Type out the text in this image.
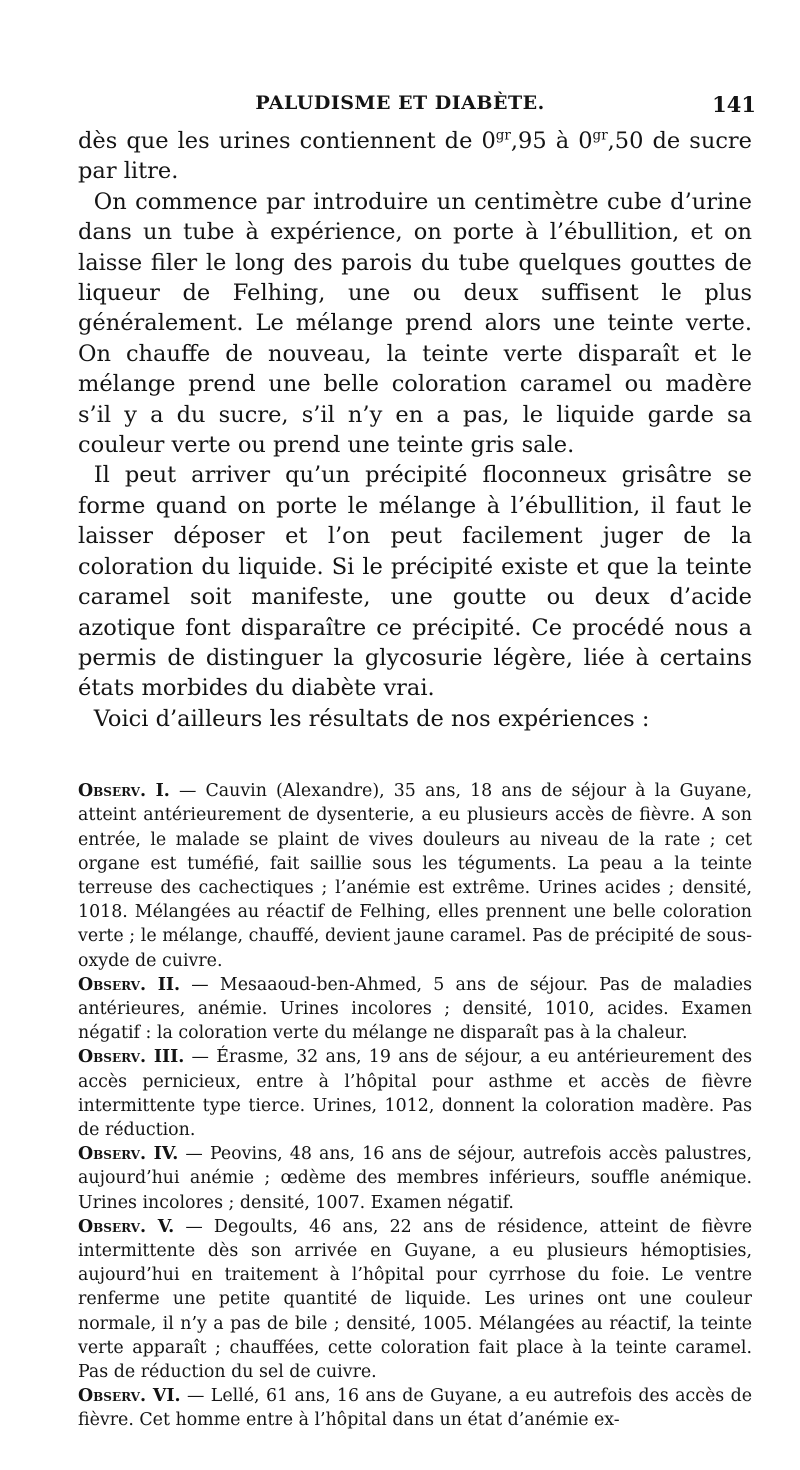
PALUDISME ET DIABÈTE.	141

dès que les urines contiennent de $0^{gr},95$ à $0^{gr},50$ de sucre par litre.

On commence par introduire un centimètre cube d’urine dans un tube à expérience, on porte à l’ébullition, et on laisse filer le long des parois du tube quelques gouttes de liqueur de Felhing, une ou deux suffisent le plus généralement. Le mélange prend alors une teinte verte. On chauffe de nouveau, la teinte verte disparaît et le mélange prend une belle coloration caramel ou madère s’il y a du sucre, s’il n’y en a pas, le liquide garde sa couleur verte ou prend une teinte gris sale.

Il peut arriver qu’un précipité floconneux grisâtre se forme quand on porte le mélange à l’ébullition, il faut le laisser déposer et l’on peut facilement juger de la coloration du liquide. Si le précipité existe et que la teinte caramel soit manifeste, une goutte ou deux d’acide azotique font disparaître ce précipité. Ce procédé nous a permis de distinguer la glycosurie légère, liée à certains états morbides du diabète vrai.

Voici d’ailleurs les résultats de nos expériences :

Observ. I. — Cauvin (Alexandre), 35 ans, 18 ans de séjour à la Guyane, atteint antérieurement de dysenterie, a eu plusieurs accès de fièvre. A son entrée, le malade se plaint de vives douleurs au niveau de la rate ; cet organe est tuméfié, fait saillie sous les téguments. La peau a la teinte terreuse des cachectiques ; l’anémie est extrême. Urines acides ; densité, 1018. Mélangées au réactif de Felhing, elles prennent une belle coloration verte ; le mélange, chauffé, devient jaune caramel. Pas de précipité de sous-oxyde de cuivre.

Observ. II. — Mesaaoud-ben-Ahmed, 5 ans de séjour. Pas de maladies antérieures, anémie. Urines incolores ; densité, 1010, acides. Examen négatif : la coloration verte du mélange ne disparaît pas à la chaleur.

Observ. III. — Érasme, 32 ans, 19 ans de séjour, a eu antérieurement des accès pernicieux, entre à l’hôpital pour asthme et accès de fièvre intermittente type tierce. Urines, 1012, donnent la coloration madère. Pas de réduction.

Observ. IV. — Peovins, 48 ans, 16 ans de séjour, autrefois accès palustres, aujourd’hui anémie ; œdème des membres inférieurs, souffle anémique. Urines incolores ; densité, 1007. Examen négatif.

Observ. V. — Degoults, 46 ans, 22 ans de résidence, atteint de fièvre intermittente dès son arrivée en Guyane, a eu plusieurs hémoptisies, aujourd’hui en traitement à l’hôpital pour cyrrhose du foie. Le ventre renferme une petite quantité de liquide. Les urines ont une couleur normale, il n’y a pas de bile ; densité, 1005. Mélangées au réactif, la teinte verte apparaît ; chauffées, cette coloration fait place à la teinte caramel. Pas de réduction du sel de cuivre.

Observ. VI. — Lellé, 61 ans, 16 ans de Guyane, a eu autrefois des accès de fièvre. Cet homme entre à l’hôpital dans un état d’anémie ex-
